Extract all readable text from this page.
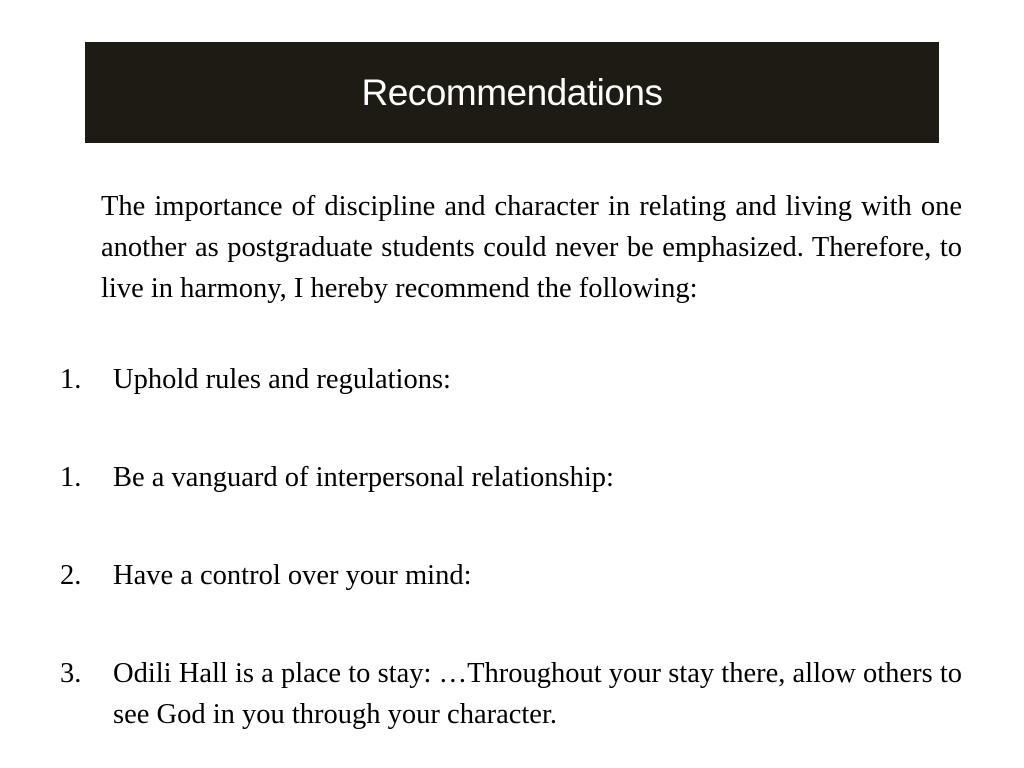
Recommendations

The importance of discipline and character in relating and living with one another as postgraduate students could never be emphasized. Therefore, to live in harmony, I hereby recommend the following:

1.	Uphold rules and regulations:
1.	Be a vanguard of interpersonal relationship:
2.	Have a control over your mind:
3.	Odili Hall is a place to stay: …Throughout your stay there, allow others to see God in you through your character.
